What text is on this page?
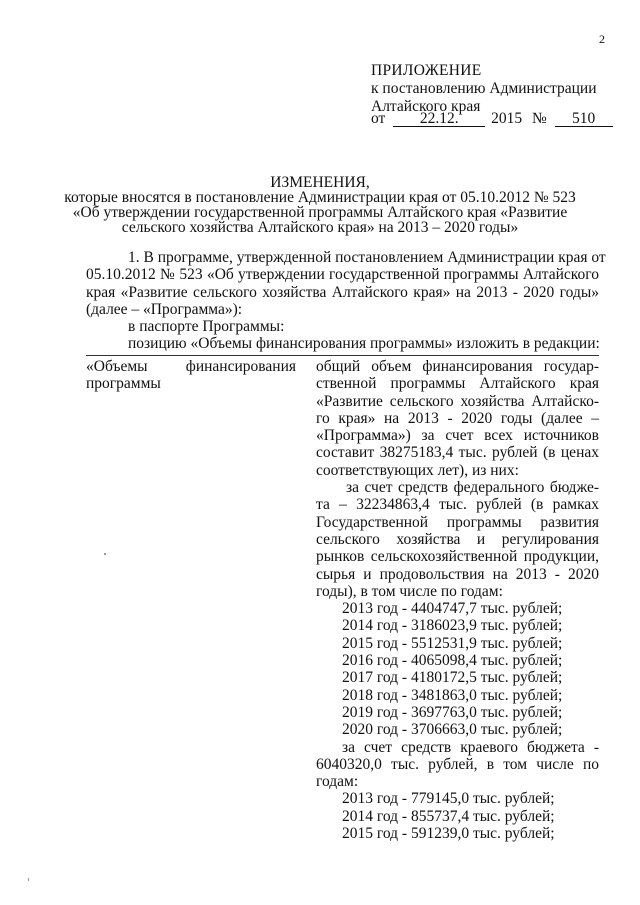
2
ПРИЛОЖЕНИЕ
к постановлению Администрации
Алтайского края
от 22.12. 2015 № 510
ИЗМЕНЕНИЯ,
которые вносятся в постановление Администрации края от 05.10.2012 № 523
«Об утверждении государственной программы Алтайского края «Развитие
сельского хозяйства Алтайского края» на 2013 – 2020 годы»
1. В программе, утвержденной постановлением Администрации края от
05.10.2012 № 523 «Об утверждении государственной программы Алтайского
края «Развитие сельского хозяйства Алтайского края» на 2013 - 2020 годы»
(далее – «Программа»):
в паспорте Программы:
позицию «Объемы финансирования программы» изложить в редакции:
«Объемы финансирования
программы
общий объем финансирования государ-
ственной программы Алтайского края
«Развитие сельского хозяйства Алтайско-
го края» на 2013 - 2020 годы (далее –
«Программа») за счет всех источников
составит 38275183,4 тыс. рублей (в ценах
соответствующих лет), из них:
за счет средств федерального бюдже-
та – 32234863,4 тыс. рублей (в рамках
Государственной программы развития
сельского хозяйства и регулирования
рынков сельскохозяйственной продукции,
сырья и продовольствия на 2013 - 2020
годы), в том числе по годам:
2013 год - 4404747,7 тыс. рублей;
2014 год - 3186023,9 тыс. рублей;
2015 год - 5512531,9 тыс. рублей;
2016 год - 4065098,4 тыс. рублей;
2017 год - 4180172,5 тыс. рублей;
2018 год - 3481863,0 тыс. рублей;
2019 год - 3697763,0 тыс. рублей;
2020 год - 3706663,0 тыс. рублей;
за счет средств краевого бюджета -
6040320,0 тыс. рублей, в том числе по
годам:
2013 год - 779145,0 тыс. рублей;
2014 год - 855737,4 тыс. рублей;
2015 год - 591239,0 тыс. рублей;
